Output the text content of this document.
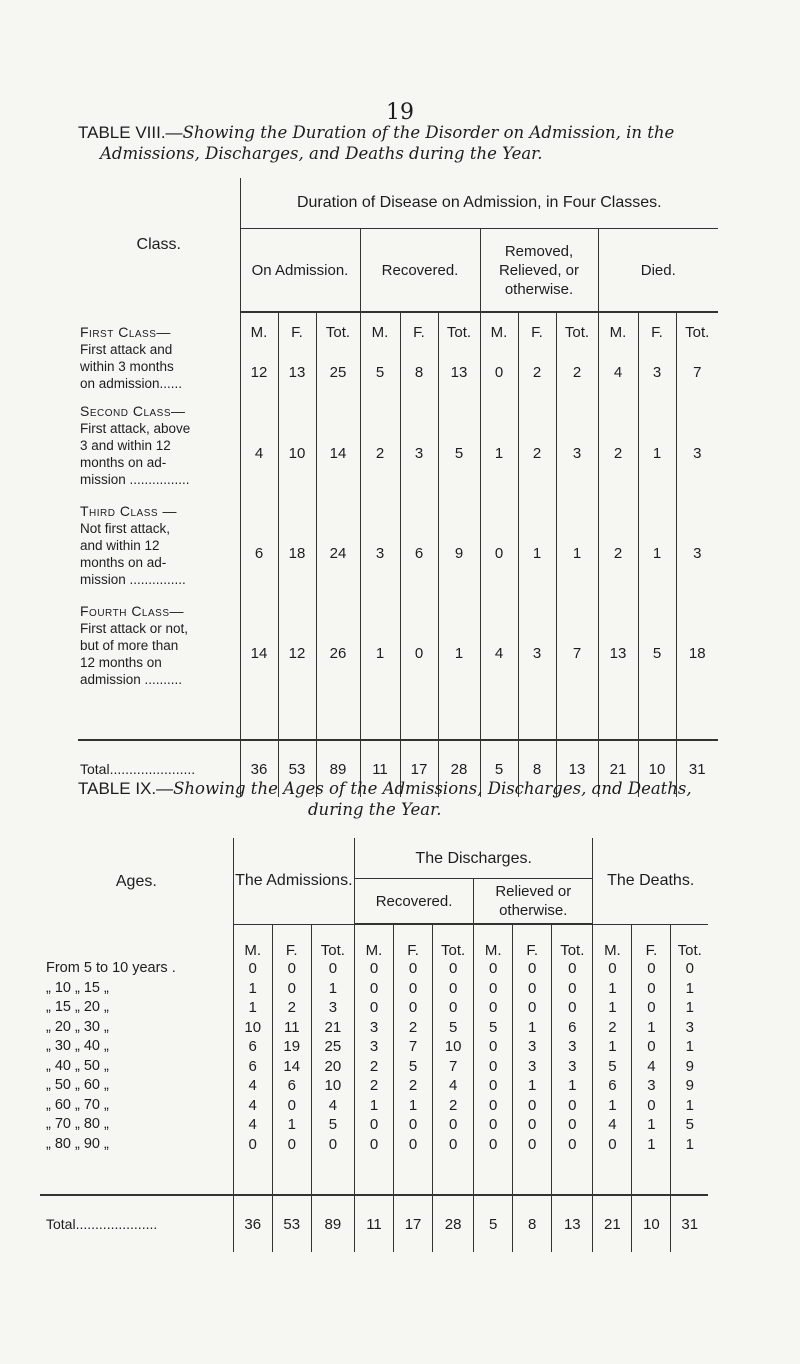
19
TABLE VIII.—Showing the Duration of the Disorder on Admission, in the
Admissions, Discharges, and Deaths during the Year.
Class.	Duration of Disease on Admission, in Four Classes.											
	On Admission.			Recovered.			Removed, Relieved, or otherwise.			Died.		

First Class—	M.	F.	Tot.	M.	F.	Tot.	M.	F.	Tot.	M.	F.	Tot.

First attack and
within 3 months
on admission......	12	13	25	5	8	13	0	2	2	4	3	7

Second Class—
First attack, above
3 and within 12
months on ad-
mission ................	4	10	14	2	3	5	1	2	3	2	1	3

Third Class —
Not first attack,
and within 12
months on ad-
mission ...............	6	18	24	3	6	9	0	1	1	2	1	3

Fourth Class—
First attack or not,
but of more than
12 months on
admission ..........	14	12	26	1	0	1	4	3	7	13	5	18

Total......................	36	53	89	11	17	28	5	8	13	21	10	31
TABLE IX.—Showing the Ages of the Admissions, Discharges, and Deaths,
during the Year.
Ages.	The Admissions.			The Discharges.						The Deaths.		
				Recovered.			Relieved or otherwise.					
	M.	F.	Tot.	M.	F.	Tot.	M.	F.	Tot.	M.	F.	Tot.
From 5 to 10 years .	0	0	0	0	0	0	0	0	0	0	0	0
„ 10 „ 15 „	1	0	1	0	0	0	0	0	0	1	0	1
„ 15 „ 20 „	1	2	3	0	0	0	0	0	0	1	0	1
„ 20 „ 30 „	10	11	21	3	2	5	5	1	6	2	1	3
„ 30 „ 40 „	6	19	25	3	7	10	0	3	3	1	0	1
„ 40 „ 50 „	6	14	20	2	5	7	0	3	3	5	4	9
„ 50 „ 60 „	4	6	10	2	2	4	0	1	1	6	3	9
„ 60 „ 70 „	4	0	4	1	1	2	0	0	0	1	0	1
„ 70 „ 80 „	4	1	5	0	0	0	0	0	0	4	1	5
„ 80 „ 90 „	0	0	0	0	0	0	0	0	0	0	1	1

Total.....................	36	53	89	11	17	28	5	8	13	21	10	31
